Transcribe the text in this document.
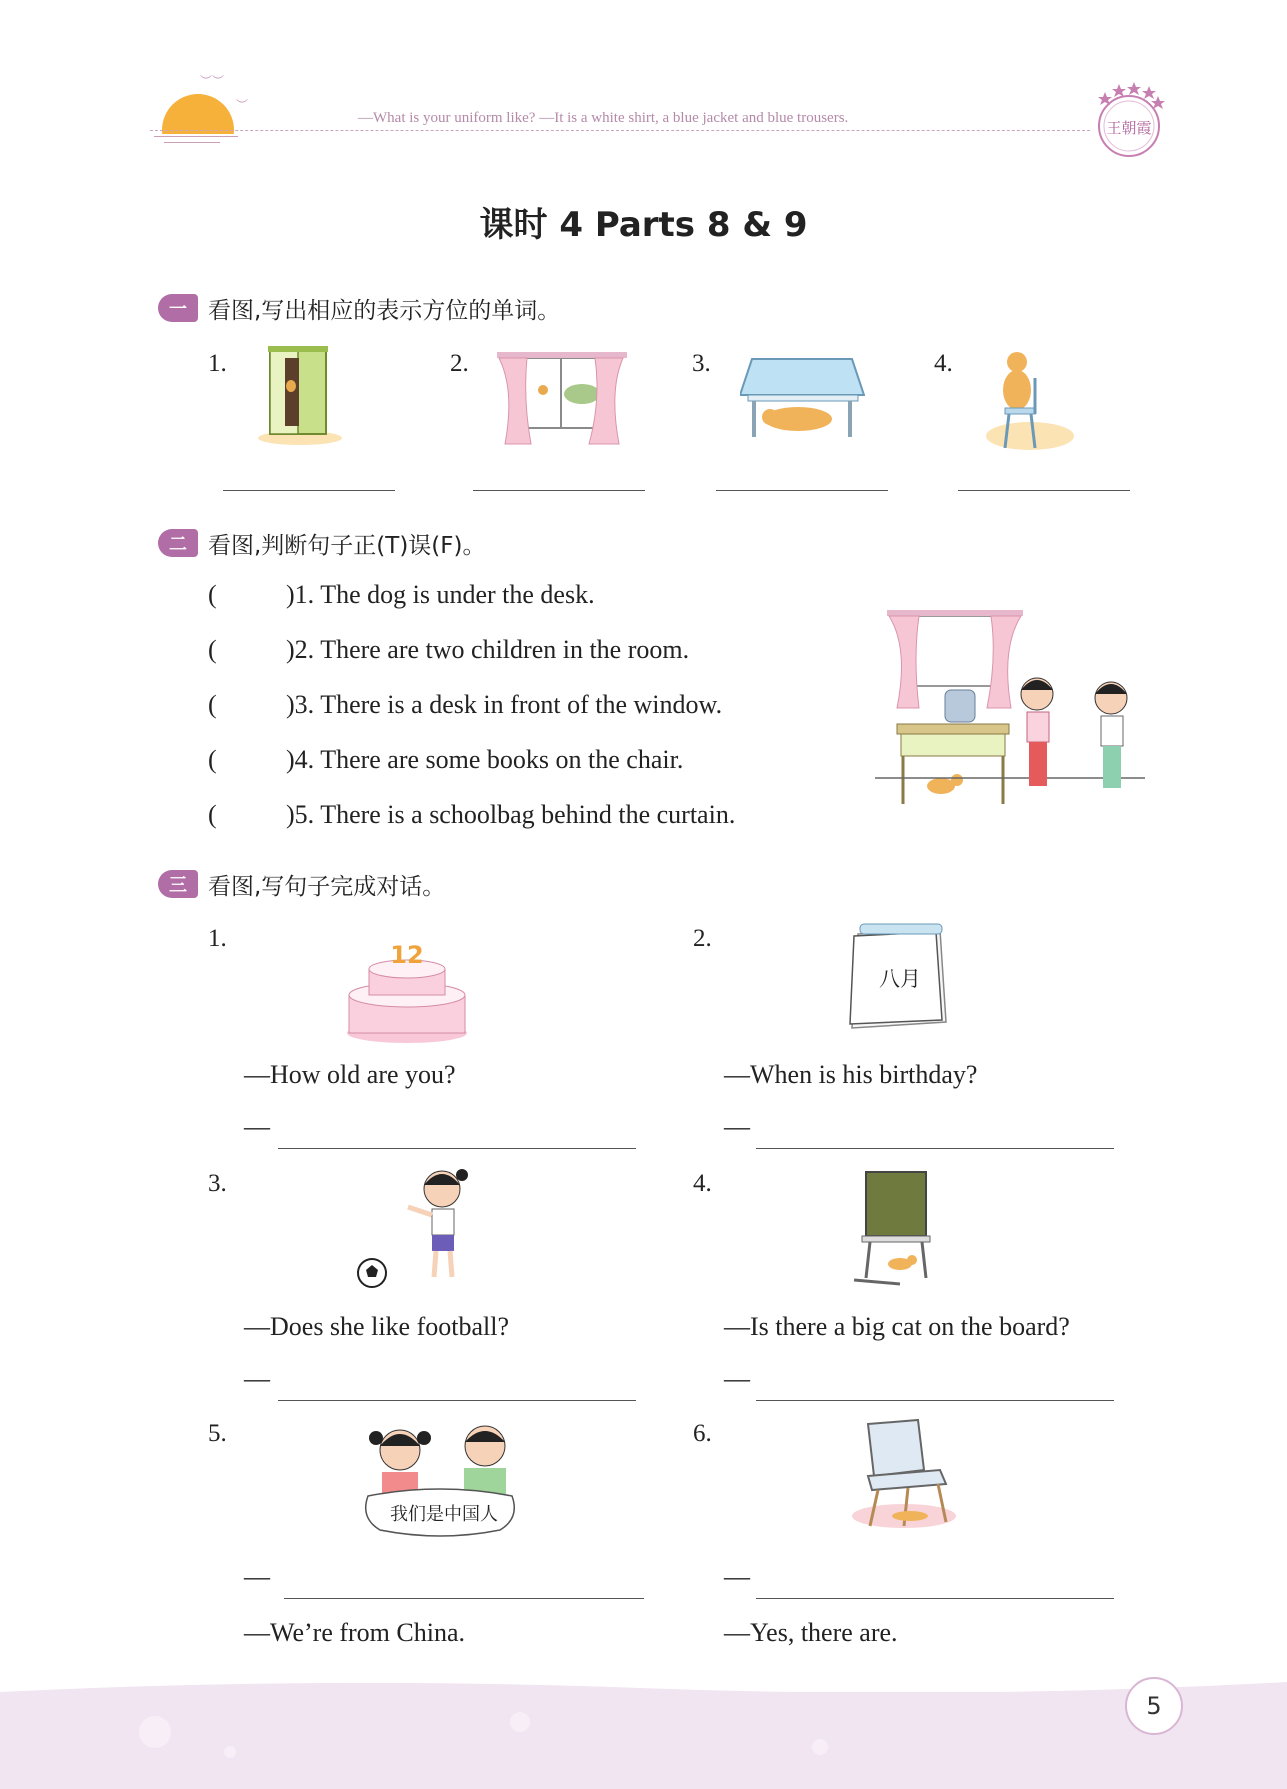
︶︶
︶
—What is your uniform like? —It is a white shirt, a blue jacket and blue trousers.
王朝霞
课时 4 Parts 8 & 9
一 看图,写出相应的表示方位的单词。
1.	2.	3.	4.
二 看图,判断句子正(T)误(F)。
(	)1. The dog is under the desk.
(	)2. There are two children in the room.
(	)3. There is a desk in front of the window.
(	)4. There are some books on the chair.
(	)5. There is a schoolbag behind the curtain.
三 看图,写句子完成对话。
1.
12
—How old are you?
—
2.
八月
—When is his birthday?
—
3.
—Does she like football?
—
4.
—Is there a big cat on the board?
—
5.
我们是中国人
—
—We’re from China.
6.
—
—Yes, there are.
5
